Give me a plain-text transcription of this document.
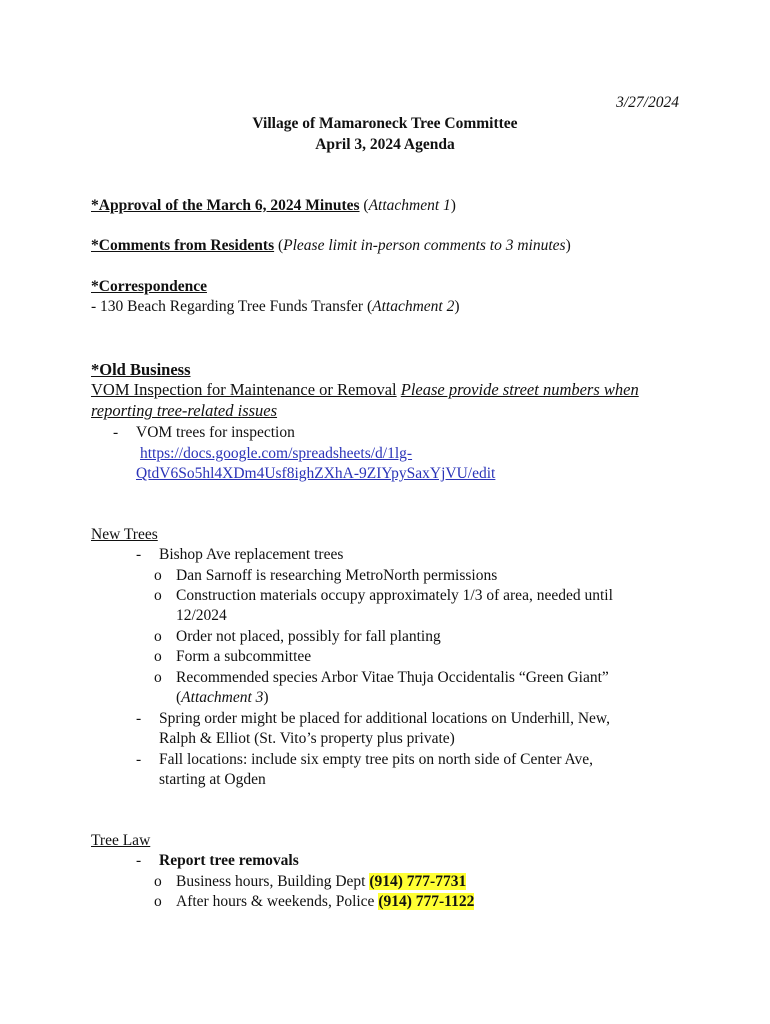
3/27/2024
Village of Mamaroneck Tree Committee
April 3, 2024 Agenda
*Approval of the March 6, 2024 Minutes (Attachment 1)
*Comments from Residents (Please limit in-person comments to 3 minutes)
*Correspondence
- 130 Beach Regarding Tree Funds Transfer (Attachment 2)
*Old Business
VOM Inspection for Maintenance or Removal Please provide street numbers when
reporting tree-related issues
- VOM trees for inspection
https://docs.google.com/spreadsheets/d/1lg-
QtdV6So5hl4XDm4Usf8ighZXhA-9ZIYpySaxYjVU/edit
New Trees
- Bishop Ave replacement trees
o Dan Sarnoff is researching MetroNorth permissions
o Construction materials occupy approximately 1/3 of area, needed until
12/2024
o Order not placed, possibly for fall planting
o Form a subcommittee
o Recommended species Arbor Vitae Thuja Occidentalis “Green Giant”
(Attachment 3)
- Spring order might be placed for additional locations on Underhill, New,
Ralph & Elliot (St. Vito’s property plus private)
- Fall locations: include six empty tree pits on north side of Center Ave,
starting at Ogden
Tree Law
- Report tree removals
o Business hours, Building Dept (914) 777-7731
o After hours & weekends, Police (914) 777-1122
